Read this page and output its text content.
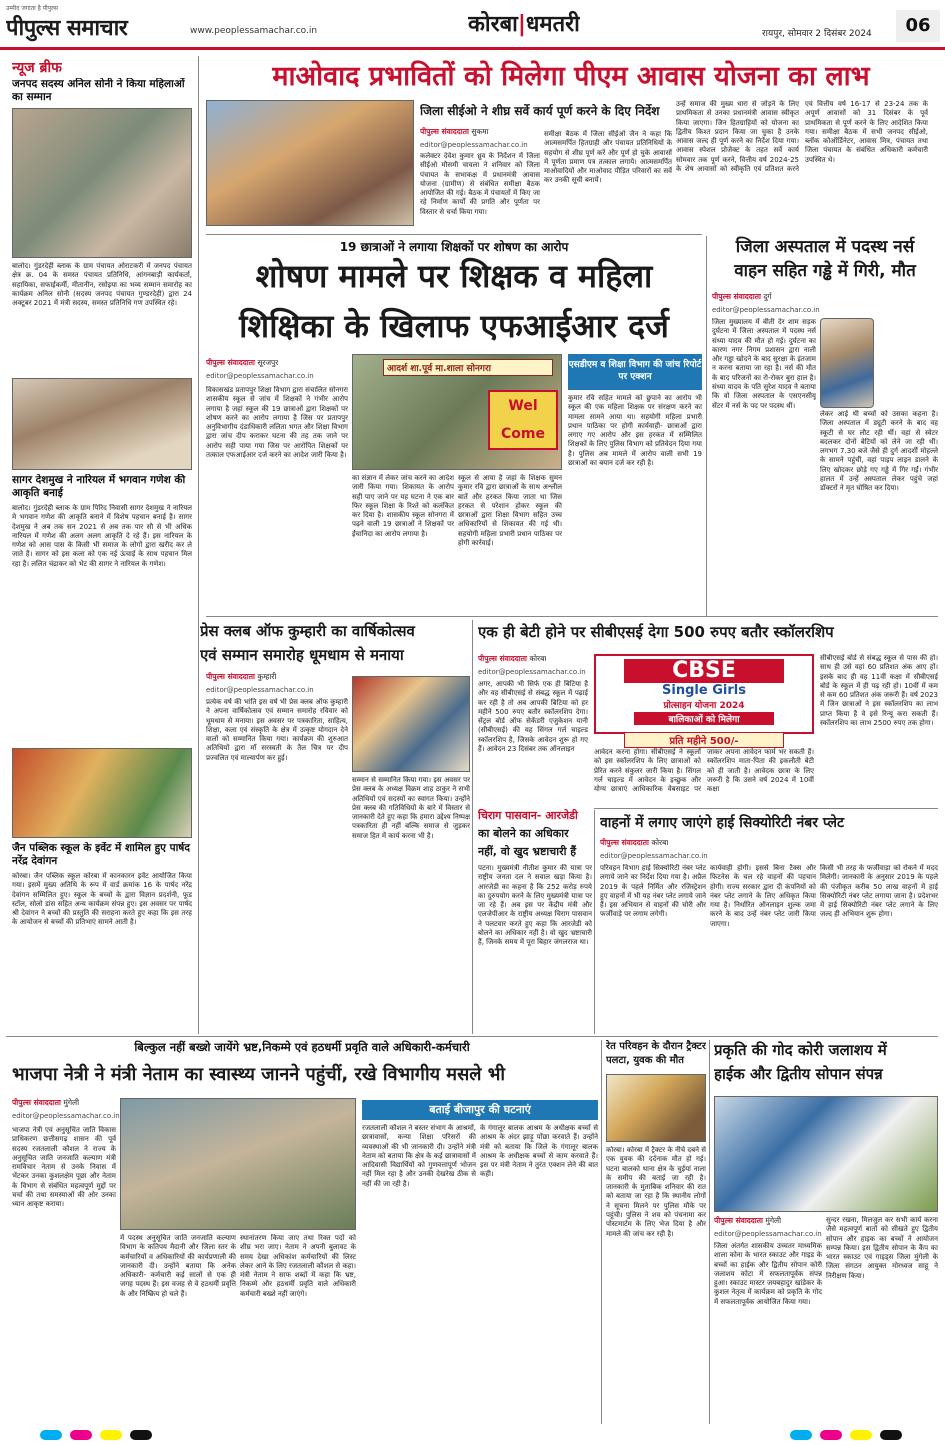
उम्मीद जगाता है पीपुल्स
पीपुल्स समाचार	www.peoplessamachar.co.in	कोरबा|धमतरी	रायपुर, सोमवार 2 दिसंबर 2024	06
न्यूज ब्रीफ
जनपद सदस्य अनिल सोनी ने किया महिलाओं का सम्मान
बालोद। गुंडरदेही ब्लाक के ग्राम पंचायत ओराटकरी में जनपद पंचायत क्षेत्र क्र. 04 के समस्त पंचायत प्रतिनिधि, आंगनबाड़ी कार्यकर्ता, सहायिका, सफाईकर्मी, मीतानीन, रसोइया का भव्य सम्मान समारोह का कार्यक्रम अनिल सोनी (सदस्य जनपद पंचायत गुण्डरदेही) द्वारा 24 अक्टूबर 2021 में मंत्री सदस्य, समस्त प्रतिनिधि गण उपस्थित रहे।
सागर देशमुख ने नारियल में भगवान गणेश की आकृति बनाई
बालोद। गुंडरदेही ब्लाक के ग्राम पिरिद निवासी सागर देशमुख ने नारियल मे भगवान गणेश की आकृति बनाने में विशेष पहचान बनाई है। सागर देशमुख ने अब तक सन 2021 से अब तक पार सौ से भी अधिक नारियल में गणेश की अलग अलग आकृति दे रहे हैं। इस नारियल के गणेश को आस पास के किसी भी समाज के लोगों द्वारा खरीद कर ले जाते है। सागर को इस कला को एक नई ऊंचाई के साथ पहचान मिल रहा है। ललित चंद्राकर को भेट की सागर ने नारियल के गणेश।
जैन पब्लिक स्कूल के इवेंट में शामिल हुए पार्षद नरेंद्र देवांगन
कोरबा। जैन पब्लिक स्कूल कोरबा में कानकारन इवेंट आयोजित किया गया। इसमें मुख्य अतिथि के रूप में वार्ड क्रमांक 16 के पार्षद नरेंद्र देवांगन सम्मिलित हुए। स्कूल के बच्चों के द्वारा विज्ञान प्रदर्शनी, फूड स्टॉल, सोलो डांस सहित अन्य कार्यक्रम संपन्न हुए। इस अवसर पर पार्षद श्री देवांगन ने बच्चों की प्रस्तुति की सराहना करते हुए कहा कि इस तरह के आयोजन से बच्चों की प्रतिभाएं सामने आती है।
माओवाद प्रभावितों को मिलेगा पीएम आवास योजना का लाभ
जिला सीईओ ने शीघ्र सर्वे कार्य पूर्ण करने के दिए निर्देश
पीपुल्स संवाददाता सुकमा
editor@peoplessamachar.co.in
कलेक्टर देवेश कुमार ध्रुव के निर्देशन में जिला सीईओ मौसमी चावला ने शनिवार को जिला पंचायत के सभाकक्ष में प्रधानमंत्री आवास योजना (ग्रामीण) से संबंधित समीक्षा बैठक आयोजित की गई। बैठक में पंचायतों में किए जा रहे निर्माण कार्यों की प्रगति और पूर्णता पर विस्तार से चर्चा किया गया।
समीक्षा बैठक में जिला सीईओ जैन ने कहा कि आत्मसमर्पित हितग्राही और पंचायत प्रतिनिधियों के सहयोग से शीघ्र पूर्ण करें और पूर्ण हो चुके आवासों में पूर्णता प्रमाण पत्र तत्काल लगाये। आत्मसमर्पित माओवादियों और माओवाद पीड़ित परिवारों का सर्वे कर उनकी सूची बनायें।
उन्हें समाज की मुख्य धारा से जोड़ने के लिए प्राथमिकता से उनका प्रधानमंत्री आवास स्वीकृत किया जाएगा। जिन हितग्राहियों को योजना का द्वितीय किश्त प्रदान किया जा चुका है उनके आवास जल्द ही पूर्ण करने का निर्देश दिया गया। आवास स्पेशल प्रोजेक्ट के तहत सर्वे कार्य सोमवार तक पूर्ण करने, वित्तीय वर्ष 2024-25 के शेष आवासों को स्वीकृति एवं प्रतिशत करने एवं वित्तीय वर्ष 16-17 से 23-24 तक के अपूर्ण आवासों को 31 दिसंबर के पूर्व प्राथमिकता से पूर्ण करने के लिए आदेशित किया गया। समीक्षा बैठक में सभी जनपद सीईओ, ब्लॉक कोऑर्डिनेटर, आवास मित्र, पंचायत तथा जिला पंचायत के संबंधित अधिकारी कर्मचारी उपस्थित थे।
19 छात्राओं ने लगाया शिक्षकों पर शोषण का आरोप
शोषण मामले पर शिक्षक व महिला
शिक्षिका के खिलाफ एफआईआर दर्ज
पीपुल्स संवाददाता सूरजपुर
editor@peoplessamachar.co.in
आदर्श शा.पूर्व मा.शाला सोनगरा
Wel Come
एसडीएम व शिक्षा विभाग की जांच रिपोर्ट पर एक्शन
विकासखंड प्रतापपुर शिक्षा विभाग द्वारा संचालित सोनगरा शासकीय स्कूल से जांच में शिक्षकों ने गंभीर आरोप लगाया है जहां स्कूल की 19 छात्राओं द्वारा शिक्षकों पर शोषण करने का आरोप लगाया है जिस पर प्रतापपुर अनुविभागीय दंडाधिकारी ललिता भगत और शिक्षा विभाग द्वारा जांच दीप कराकर घटना की तह तक जाने पर आरोप सही पाया गया जिस पर आरोपित शिक्षकों पर तत्काल एफआईआर दर्ज करने का आदेश जारी किया है।
का संज्ञान में लेकर जांच करने का आदेश जारी किया गया। शिकायत के आरोप सही पाए जाने पर यह घटना ने एक बार फिर स्कूल शिक्षा के रिश्ते को कलंकित कर दिया है। शासकीय स्कूल सोनगरा में पढ़ने वाली 19 छात्राओं ने शिक्षकों पर ईंचानिदा का आरोप लगाया है।
स्कूल से आया है जहां के शिक्षक सुमन कुमार रवि द्वारा छात्राओं के साथ अश्लील बातें और हरकत किया जाता था जिस हरकत से परेशान होकर स्कूल की छात्राओं द्वारा शिक्षा विभाग सहित उच्च अधिकारियों से शिकायत की गई थी। सहयोगी महिला प्रभारी प्रधान पाठिका पर होगी कार्रवाई।
कुमार रवि सहित मामले को छुपाने का आरोप भी स्कूल की एक महिला शिक्षक पर संरक्षण करने का मामला सामने आया था। सहयोगी महिला प्रभारी प्रधान पाठिका पर होगी कार्यवाही- छात्राओं द्वारा लगाए गए आरोप और इस हरकत में सम्मिलित शिक्षकों के लिए पुलिस विभाग को प्रतिवेदन दिया गया है। पुलिस अब मामले में आरोप वाली सभी 19 छात्राओं का बयान दर्ज कर रही है।
जिला अस्पताल में पदस्थ नर्स
वाहन सहित गड्ढे में गिरी, मौत
पीपुल्स संवाददाता दुर्ग
editor@peoplessamachar.co.in
जिला मुख्यालय में बीती देर शाम सड़क दुर्घटना में जिला अस्पताल में पदस्थ नर्स संध्या यादव की मौत हो गई। दुर्घटना का कारण नगर निगम प्रशासन द्वारा नाली और गड्ढा खोदने के बाद सुरक्षा के इंतजाम न करना बताया जा रहा है। नर्स की मौत के बाद परिजनों का रो-रोकर बुरा हाल है। संध्या यादव के पति सुरेश यादव ने बताया कि वो जिला अस्पताल के एसएनसीयू सेंटर में नर्स के पद पर पदस्थ थीं।
लेकर आई थी बच्चों को उसका कहना है। जिला अस्पताल में ड्यूटी करने के बाद वह स्कूटी से घर लौट रही थीं। वहां से स्वेटर बदलकर दोनों बेटियों को लेने जा रही थीं। लगभग 7.30 बजे जैसे ही दुर्ग आदर्शी मोहल्ले के सामने पहुंचीं, वहां पाइप लाइन डालने के लिए खोदकर छोड़े गए गड्ढे में गिर गईं। गंभीर हालत में उन्हें अस्पताल लेकर पहुंचे जहां डॉक्टरों ने मृत घोषित कर दिया।
प्रेस क्लब ऑफ कुम्हारी का वार्षिकोत्सव
एवं सम्मान समारोह धूमधाम से मनाया
पीपुल्स संवाददाता कुम्हारी
editor@peoplessamachar.co.in
प्रत्येक वर्ष की भांति इस वर्ष भी प्रेस क्लब ऑफ कुम्हारी ने अपना वार्षिकोत्सव एवं सम्मान समारोह रविवार को धूमधाम से मनाया। इस अवसर पर पत्रकारिता, साहित्य, शिक्षा, कला एवं संस्कृति के क्षेत्र में उत्कृष्ट योगदान देने वालों को सम्मानित किया गया। कार्यक्रम की शुरुआत अतिथियों द्वारा माँ सरस्वती के तैल चित्र पर दीप प्रज्वलित एवं माल्यार्पण कर हुई।
सम्मान से सम्मानित किया गया। इस अवसर पर प्रेस क्लब के अध्यक्ष विक्रम शाह ठाकुर ने सभी अतिथियों एवं सदस्यों का स्वागत किया। उन्होंने प्रेस क्लब की गतिविधियों के बारे में विस्तार से जानकारी देते हुए कहा कि हमारा उद्देश्य निष्पक्ष पत्रकारिता ही नहीं बल्कि समाज से जुड़कर समाज हित में कार्य करना भी है।
एक ही बेटी होने पर सीबीएसई देगा 500 रुपए बतौर स्कॉलरशिप
पीपुल्स संवाददाता कोरबा
editor@peoplessamachar.co.in
अगर, आपकी भी सिर्फ एक ही बिटिया है और वह सीबीएसई से संबद्ध स्कूल में पढ़ाई कर रही है तो अब आपकी बिटिया को हर महीने 500 रुपए बतौर स्कॉलरशिप देगा। सेंट्रल बोर्ड ऑफ सेकेंडरी एजुकेशन यानी (सीबीएसई) की यह सिंगल गर्ल चाइल्ड स्कॉलरशिप है, जिसके आवेदन शुरू हो गए हैं। आवेदन 23 दिसंबर तक ऑनलाइन
CBSE
Single Girls
प्रोत्साहन योजना 2024
बालिकाओं को मिलेगा
प्रति महीने 500/-
आवेदन करना होगा। सीबीएसई ने स्कूलों को इस स्कॉलरशिप के लिए छात्राओं को प्रेरित करने संकुलर जारी किया है। सिंगल गर्ल चाइल्ड में आवेदन के इच्छुक और योग्य छात्राएं आधिकारिक वेबसाइट पर जाकर अपना आवेदन फार्म भर सकती हैं। स्कॉलरशिप माता-पिता की इकलौती बेटी को ही जाती है। आवेदक छात्रा के लिए जरूरी है कि उसने वर्ष 2024 में 10वीं कक्षा
सीबीएसई बोर्ड से संबद्ध स्कूल से पास की हो। साथ ही उसे वहां 60 प्रतिशत अंक आए हों। इसके बाद ही वह 11वीं कक्षा में सीबीएसई बोर्ड के स्कूल में ही पढ़ रही हो। 10वीं में कम से कम 60 प्रतिशत अंक जरूरी हैं। वर्ष 2023 में जिन छात्राओं ने इस स्कॉलरशिप का लाभ प्राप्त किया है वे इसे रिन्यू करा सकती हैं। स्कॉलरशिप का लाभ 2500 रुपए तक होगा।
चिराग पासवान- आरजेडी
का बोलने का अधिकार
नहीं, वो खुद भ्रष्टाचारी हैं
पटना। मुख्यमंत्री नीतीश कुमार की यात्रा पर राष्ट्रीय जनता दल ने सवाल खड़ा किया है। आरजेडी का कहना है कि 252 करोड़ रुपये का दुरुपयोग करने के लिए मुख्यमंत्री यात्रा पर जा रहे हैं। अब इस पर केंद्रीय मंत्री और एलजेपीआर के राष्ट्रीय अध्यक्ष चिराग पासवान ने पलटवार करते हुए कहा कि आरजेडी को बोलने का अधिकार नहीं है। वो खुद भ्रष्टाचारी हैं, जिनके समय में पूरा बिहार जंगलराज था।
वाहनों में लगाए जाएंगे हाई सिक्योरिटी नंबर प्लेट
पीपुल्स संवाददाता कोरबा
editor@peoplessamachar.co.in
परिवहन विभाग हाई सिक्योरिटी नंबर प्लेट लगाये जाने का निर्देश दिया गया है। अप्रैल 2019 के पहले निर्मित और रजिस्ट्रेशन हुए वाहनों में भी यह नंबर प्लेट लगाये जाने हैं। इस अभियान से वाहनों की चोरी और फर्जीवाड़े पर लगाम लगेगी।
कार्यवाही होगी। इससे बिना टैक्स और फिटनेस के चल रहे वाहनों की पहचान होगी। राज्य सरकार द्वारा दी कंपनियों को नंबर प्लेट लगाने के लिए अधिकृत किया गया है। निर्धारित ऑनलाइन शुल्क जमा करने के बाद उन्हें नंबर प्लेट जारी किया जाएगा।
किसी भी तरह के फर्जीवाड़ा को रोकने में मदद मिलेगी। जानकारी के अनुसार 2019 के पहले की पंजीकृत करीब 50 लाख वाहनों में हाई सिक्योरिटी नंबर प्लेट लगाया जाना है। प्रदेशभर में हाई सिक्योरिटी नंबर प्लेट लगाने के लिए जल्द ही अभियान शुरू होगा।
बिल्कुल नहीं बख्शे जायेंगे भ्रष्ट,निकम्मे एवं हठधर्मी प्रवृति वाले अधिकारी-कर्मचारी
भाजपा नेत्री ने मंत्री नेताम का स्वास्थ्य जानने पहुंचीं, रखे विभागीय मसले भी
पीपुल्स संवाददाता मुंगेली
editor@peoplessamachar.co.in
भाजपा नेत्री एवं अनुसूचित जाति विकास प्राधिकरण छत्तीसगढ़ शासन की पूर्व सदस्य रजतलाली कौशल ने राज्य के अनुसूचित जाति जनजाति कल्याण मंत्री रामविचार नेताम से उनके निवास में भेंटकर उनका कुशलक्षेम पूछा और नेताम के विभाग से संबंधित महत्वपूर्ण मुद्दों पर चर्चा की तथा समस्याओं की ओर उनका ध्यान आकृष्ट कराया।
में पदस्थ अनुसूचित जाति जनजाति कल्याण विभाग के कतिपय मैदानी और जिला स्तर के कर्मचारियों व अधिकारियों की कार्यप्रणाली की जानकारी दी। उन्होंने बताया कि अनेक अधिकारी- कर्मचारी कई सालों से एक ही जगह पदस्थ हैं। इस वजह से वे हठधर्मी प्रवृत्ति के और निष्क्रिय हो चले हैं।
स्थानांतरण किया जाए तथा रिक्त पदों को शीघ्र भरा जाए। नेताम ने अपनी बुलावट के समय देखा अधिकांश कर्मचारियों की लिस्ट लेकर आने के लिए रजतलाली कौशल से कहा। मंत्री नेताम ने साफ शब्दों में कहा कि भ्रष्ट, निकम्मे और हठधर्मी प्रवृति वाले अधिकारी कर्मचारी बख्शे नहीं जाएंगे।
बताई बीजापुर की घटनाएं
रजतलाली कौशल ने बस्तर संभाग के आश्रमों, छात्रावासों, कन्या शिक्षा परिसरों की व्यवस्थाओं की भी जानकारी दी। उन्होंने मंत्री नेताम को बताया कि क्षेत्र के कई छात्रावासों में आदिवासी विद्यार्थियों को गुणवत्तापूर्ण भोजन नहीं मिल रहा है और उनकी देखरेख ठीक से नहीं की जा रही है।
के गंगालूर बालक आश्रम के अधीक्षक बच्चों से आश्रम के अंदर झाड़ू पोंछा करवाते हैं। उन्होंने मंत्री को बताया कि जिले के गंगालूर बालक आश्रम के अधीक्षक बच्चों से काम करवाते हैं। इस पर मंत्री नेताम ने तुरंत एक्शन लेने की बात कही।
रेत परिवहन के दौरान ट्रैक्टर
पलटा, युवक की मौत
कोरबा। कोरबा में ट्रैक्टर के नीचे दबने से एक युवक की दर्दनाक मौत हो गई। घटना बालको थाना क्षेत्र के चुईयां नाला के समीप की बताई जा रही है। जानकारी के मुताबिक शनिवार की रात को बताया जा रहा है कि स्थानीय लोगों ने सूचना मिलने पर पुलिस मौके पर पहुंची। पुलिस ने शव को पंचनामा कर पोस्टमार्टम के लिए भेज दिया है और मामले की जांच कर रही है।
प्रकृति की गोद कोरी जलाशय में
हाईक और द्वितीय सोपान संपन्न
पीपुल्स संवाददाता मुंगेली
editor@peoplessamachar.co.in
जिला अंतर्गत शासकीय उच्चतर माध्यमिक शाला कोना के भारत स्काउट और गाइड के बच्चों का हाईक और द्वितीय सोपान कोरी जलाशय कोटा में सफलतापूर्वक संपन्न हुआ। स्काउट मास्टर जयबहादुर खांडेकर के कुशल नेतृत्व में कार्यक्रम को प्रकृति के गोद में सफलतापूर्वक आयोजित किया गया।
सुन्दर रखना, मिलजुल कर सभी कार्य करना जैसे महत्वपूर्ण बातों को सीखते हुए द्वितीय सोपान और हाइक का बच्चों ने आयोजन सम्पन्न किया। इस द्वितीय सोपान के कैंप का भारत स्काउट एवं गाइड्स जिला मुंगेली के जिला संगठन आयुक्त मोरध्वज साहू ने निरीक्षण किया।
